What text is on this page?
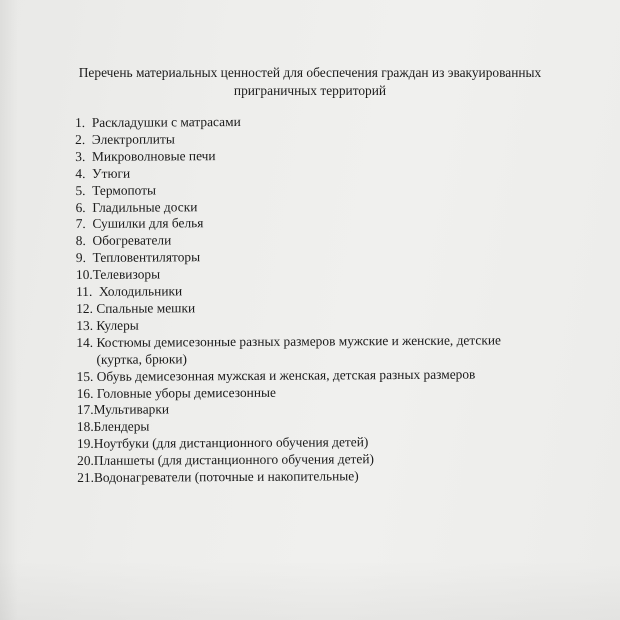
Перечень материальных ценностей для обеспечения граждан из эвакуированных
приграничных территорий
1. Раскладушки с матрасами
2. Электроплиты
3. Микроволновые печи
4. Утюги
5. Термопоты
6. Гладильные доски
7. Сушилки для белья
8. Обогреватели
9. Тепловентиляторы
10.Телевизоры
11. Холодильники
12. Спальные мешки
13. Кулеры
14. Костюмы демисезонные разных размеров мужские и женские, детские
(куртка, брюки)
15. Обувь демисезонная мужская и женская, детская разных размеров
16. Головные уборы демисезонные
17.Мультиварки
18.Блендеры
19.Ноутбуки (для дистанционного обучения детей)
20.Планшеты (для дистанционного обучения детей)
21.Водонагреватели (поточные и накопительные)
